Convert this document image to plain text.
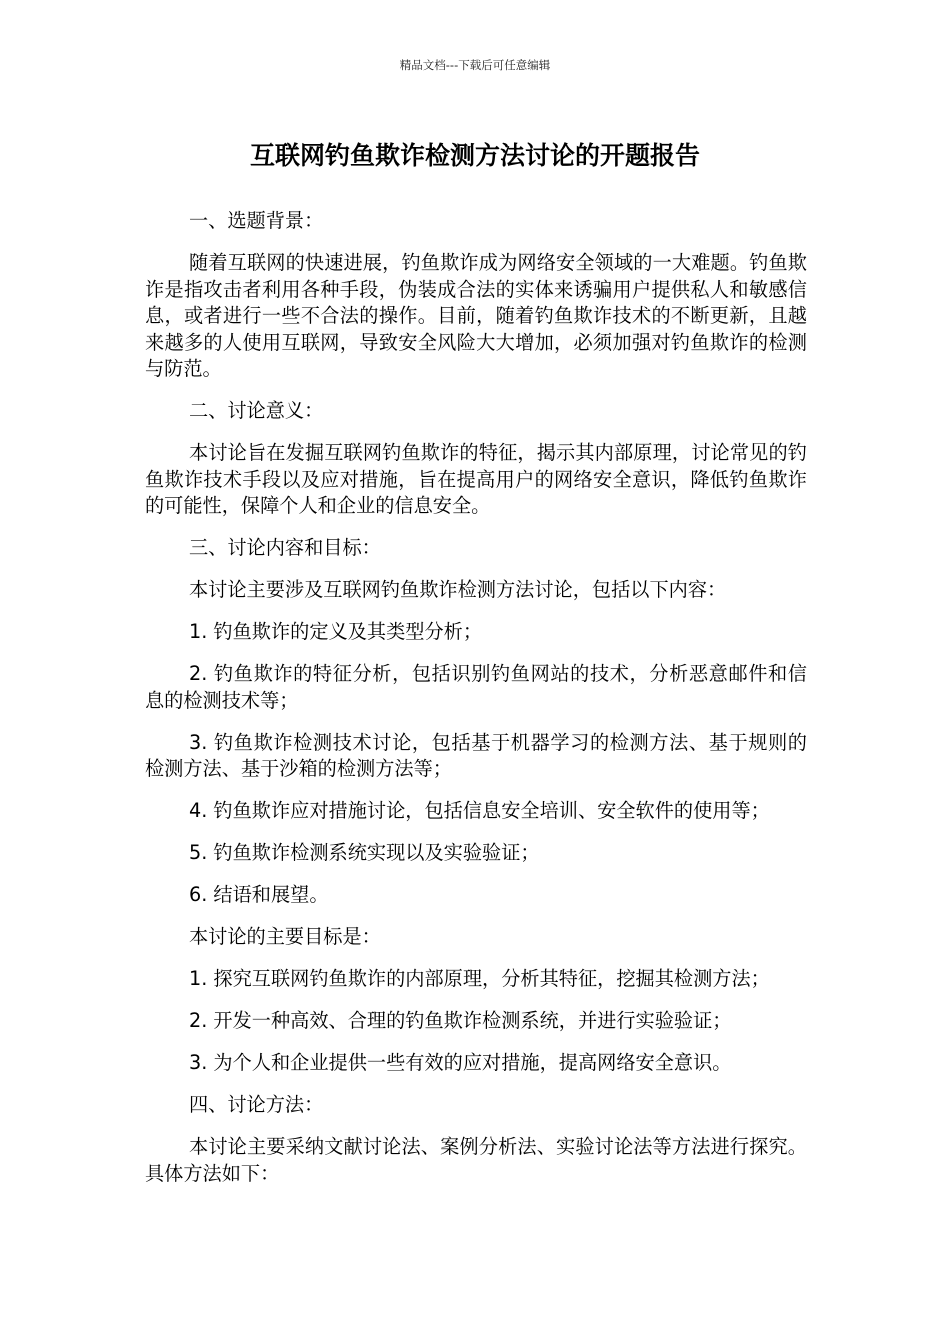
精品文档---下载后可任意编辑
互联网钓鱼欺诈检测方法讨论的开题报告

一、选题背景：

随着互联网的快速进展，钓鱼欺诈成为网络安全领域的一大难题。钓鱼欺诈是指攻击者利用各种手段，伪装成合法的实体来诱骗用户提供私人和敏感信息，或者进行一些不合法的操作。目前，随着钓鱼欺诈技术的不断更新，且越来越多的人使用互联网，导致安全风险大大增加，必须加强对钓鱼欺诈的检测与防范。

二、讨论意义：

本讨论旨在发掘互联网钓鱼欺诈的特征，揭示其内部原理，讨论常见的钓鱼欺诈技术手段以及应对措施，旨在提高用户的网络安全意识，降低钓鱼欺诈的可能性，保障个人和企业的信息安全。

三、讨论内容和目标：

本讨论主要涉及互联网钓鱼欺诈检测方法讨论，包括以下内容：

1. 钓鱼欺诈的定义及其类型分析；

2. 钓鱼欺诈的特征分析，包括识别钓鱼网站的技术，分析恶意邮件和信息的检测技术等；

3. 钓鱼欺诈检测技术讨论，包括基于机器学习的检测方法、基于规则的检测方法、基于沙箱的检测方法等；

4. 钓鱼欺诈应对措施讨论，包括信息安全培训、安全软件的使用等；

5. 钓鱼欺诈检测系统实现以及实验验证；

6. 结语和展望。

本讨论的主要目标是：

1. 探究互联网钓鱼欺诈的内部原理，分析其特征，挖掘其检测方法；

2. 开发一种高效、合理的钓鱼欺诈检测系统，并进行实验验证；

3. 为个人和企业提供一些有效的应对措施，提高网络安全意识。

四、讨论方法：

本讨论主要采纳文献讨论法、案例分析法、实验讨论法等方法进行探究。具体方法如下：
